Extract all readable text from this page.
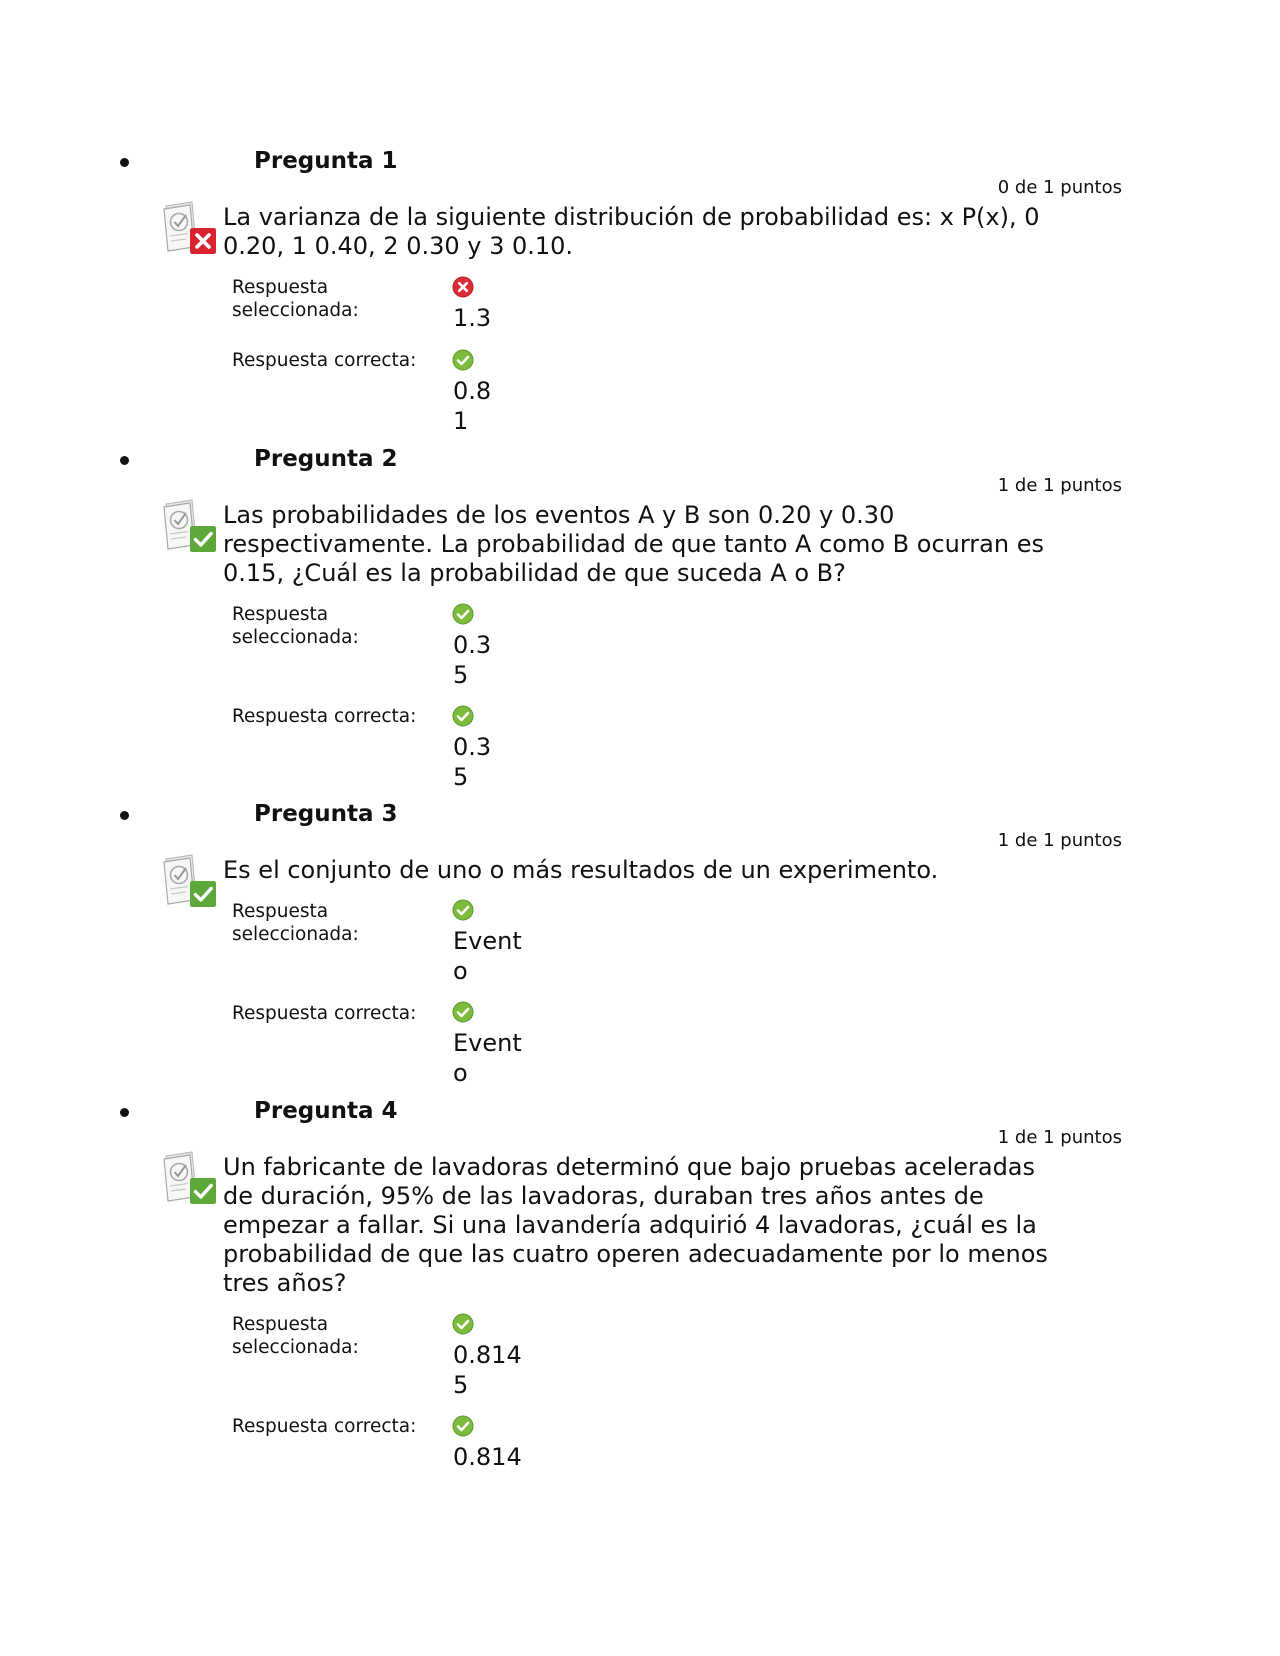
Pregunta 1
0 de 1 puntos
La varianza de la siguiente distribución de probabilidad es: x P(x), 0 0.20, 1 0.40, 2 0.30 y 3 0.10.
Respuesta seleccionada:	1.3
Respuesta correcta:
0.81
Pregunta 2
1 de 1 puntos
Las probabilidades de los eventos A y B son 0.20 y 0.30 respectivamente. La probabilidad de que tanto A como B ocurran es 0.15, ¿Cuál es la probabilidad de que suceda A o B?
Respuesta seleccionada:	0.35
Respuesta correcta:
0.35
Pregunta 3
1 de 1 puntos
Es el conjunto de uno o más resultados de un experimento.
Respuesta seleccionada:	Evento
Respuesta correcta:
Evento
Pregunta 4
1 de 1 puntos
Un fabricante de lavadoras determinó que bajo pruebas aceleradas de duración, 95% de las lavadoras, duraban tres años antes de empezar a fallar. Si una lavandería adquirió 4 lavadoras, ¿cuál es la probabilidad de que las cuatro operen adecuadamente por lo menos tres años?
Respuesta seleccionada:	0.8145
Respuesta correcta:
0.814
